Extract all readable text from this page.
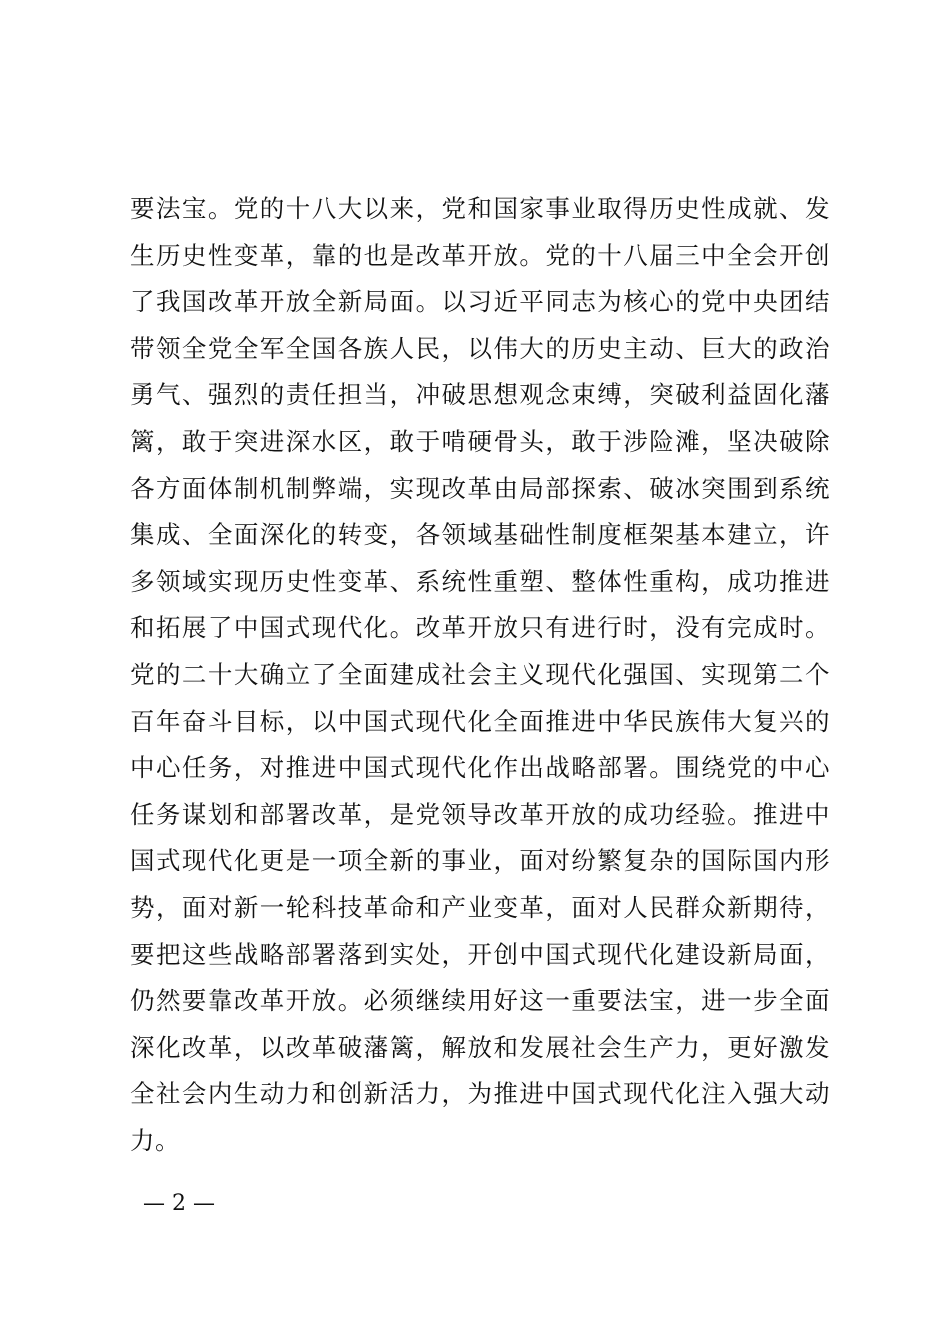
要法宝。党的十八大以来，党和国家事业取得历史性成就、发
生历史性变革，靠的也是改革开放。党的十八届三中全会开创
了我国改革开放全新局面。以习近平同志为核心的党中央团结
带领全党全军全国各族人民，以伟大的历史主动、巨大的政治
勇气、强烈的责任担当，冲破思想观念束缚，突破利益固化藩
篱，敢于突进深水区，敢于啃硬骨头，敢于涉险滩，坚决破除
各方面体制机制弊端，实现改革由局部探索、破冰突围到系统
集成、全面深化的转变，各领域基础性制度框架基本建立，许
多领域实现历史性变革、系统性重塑、整体性重构，成功推进
和拓展了中国式现代化。改革开放只有进行时，没有完成时。
党的二十大确立了全面建成社会主义现代化强国、实现第二个
百年奋斗目标，以中国式现代化全面推进中华民族伟大复兴的
中心任务，对推进中国式现代化作出战略部署。围绕党的中心
任务谋划和部署改革，是党领导改革开放的成功经验。推进中
国式现代化更是一项全新的事业，面对纷繁复杂的国际国内形
势，面对新一轮科技革命和产业变革，面对人民群众新期待，
要把这些战略部署落到实处，开创中国式现代化建设新局面，
仍然要靠改革开放。必须继续用好这一重要法宝，进一步全面
深化改革，以改革破藩篱，解放和发展社会生产力，更好激发
全社会内生动力和创新活力，为推进中国式现代化注入强大动
力。
— 2 —
